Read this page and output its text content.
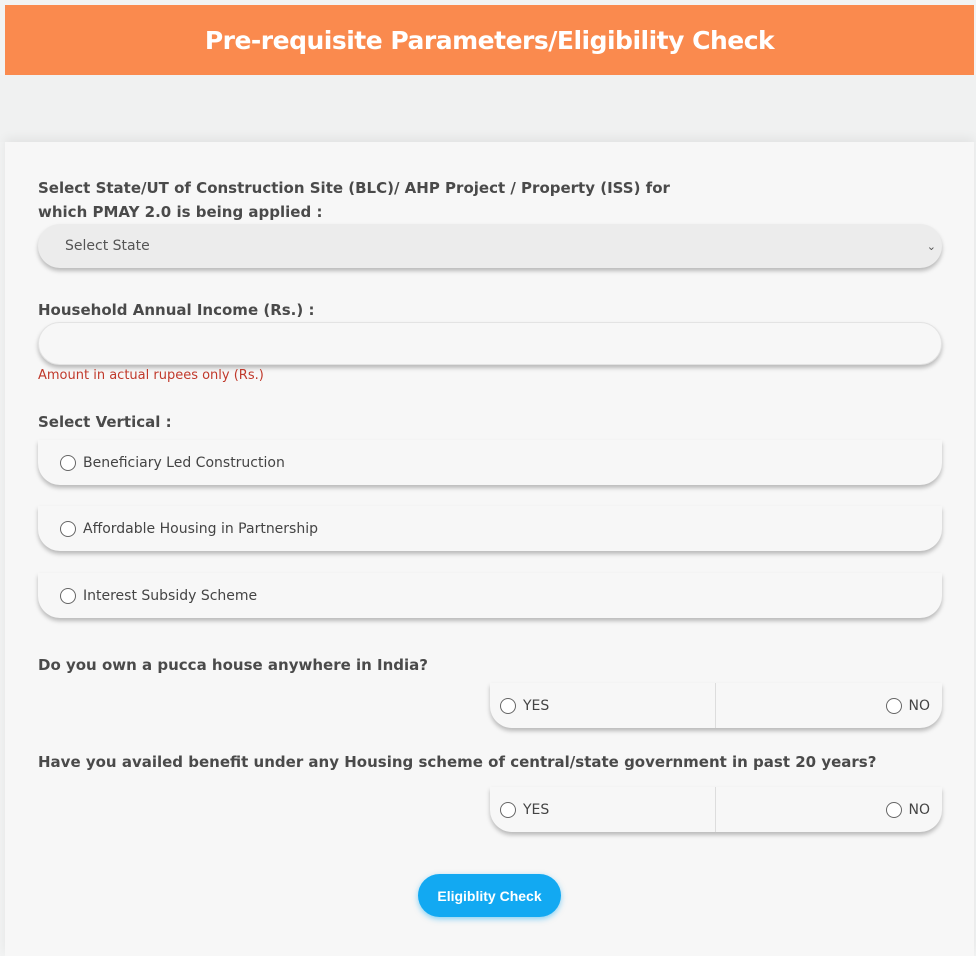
Pre-requisite Parameters/Eligibility Check
Select State/UT of Construction Site (BLC)/ AHP Project / Property (ISS) for
which PMAY 2.0 is being applied :
Select State	⌄
Household Annual Income (Rs.) :
Amount in actual rupees only (Rs.)
Select Vertical :
Beneficiary Led Construction
Affordable Housing in Partnership
Interest Subsidy Scheme
Do you own a pucca house anywhere in India?
YES	NO
Have you availed benefit under any Housing scheme of central/state government in past 20 years?
YES	NO
Eligiblity Check
